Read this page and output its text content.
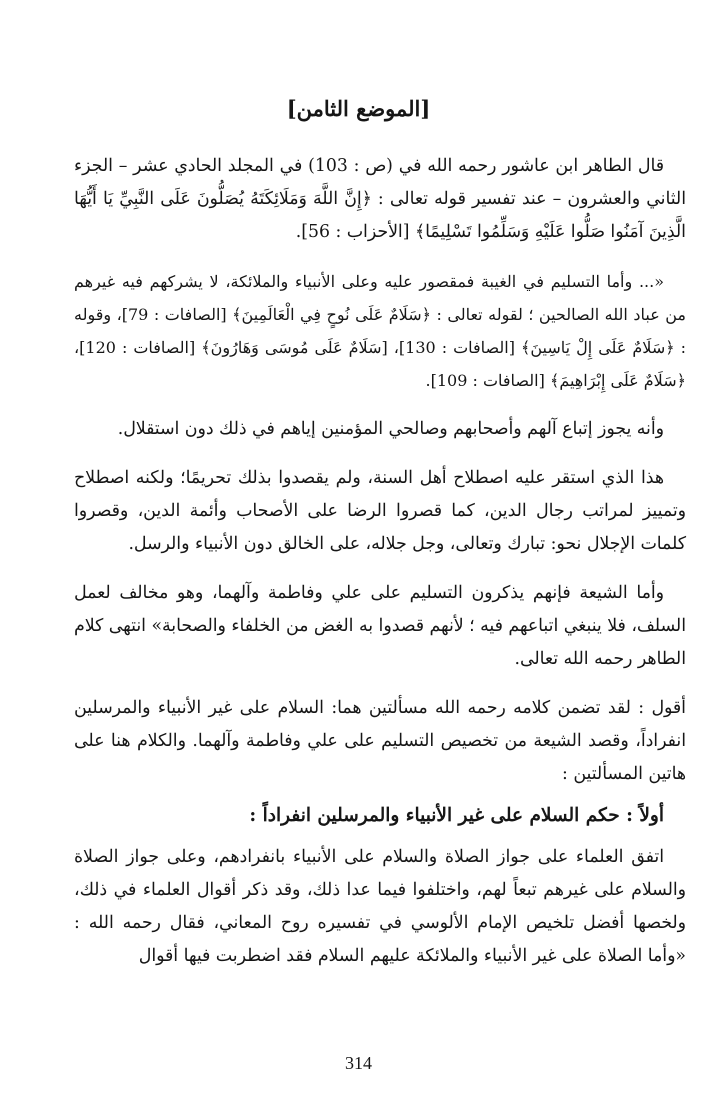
[الموضع الثامن]

قال الطاهر ابن عاشور رحمه الله في (ص : 103) في المجلد الحادي عشر – الجزء الثاني والعشرون – عند تفسير قوله تعالى : ﴿إِنَّ اللَّهَ وَمَلَائِكَتَهُ يُصَلُّونَ عَلَى النَّبِيِّ يَا أَيُّهَا الَّذِينَ آمَنُوا صَلُّوا عَلَيْهِ وَسَلِّمُوا تَسْلِيمًا﴾ [الأحزاب : 56].

«... وأما التسليم في الغيبة فمقصور عليه وعلى الأنبياء والملائكة، لا يشركهم فيه غيرهم من عباد الله الصالحين ؛ لقوله تعالى : ﴿سَلَامٌ عَلَى نُوحٍ فِي الْعَالَمِينَ﴾ [الصافات : 79]، وقوله : ﴿سَلَامٌ عَلَى إِلْ يَاسِينَ﴾ [الصافات : 130]، [سَلَامٌ عَلَى مُوسَى وَهَارُونَ﴾ [الصافات : 120]، ﴿سَلَامٌ عَلَى إِبْرَاهِيمَ﴾ [الصافات : 109].

وأنه يجوز إتباع آلهم وأصحابهم وصالحي المؤمنين إياهم في ذلك دون استقلال.

هذا الذي استقر عليه اصطلاح أهل السنة، ولم يقصدوا بذلك تحريمًا؛ ولكنه اصطلاح وتمييز لمراتب رجال الدين، كما قصروا الرضا على الأصحاب وأئمة الدين، وقصروا كلمات الإجلال نحو: تبارك وتعالى، وجل جلاله، على الخالق دون الأنبياء والرسل.

وأما الشيعة فإنهم يذكرون التسليم على علي وفاطمة وآلهما، وهو مخالف لعمل السلف، فلا ينبغي اتباعهم فيه ؛ لأنهم قصدوا به الغض من الخلفاء والصحابة» انتهى كلام الطاهر رحمه الله تعالى.

أقول : لقد تضمن كلامه رحمه الله مسألتين هما: السلام على غير الأنبياء والمرسلين انفراداً، وقصد الشيعة من تخصيص التسليم على علي وفاطمة وآلهما. والكلام هنا على هاتين المسألتين :

أولاً : حكم السلام على غير الأنبياء والمرسلين انفراداً :

اتفق العلماء على جواز الصلاة والسلام على الأنبياء بانفرادهم، وعلى جواز الصلاة والسلام على غيرهم تبعاً لهم، واختلفوا فيما عدا ذلك، وقد ذكر أقوال العلماء في ذلك، ولخصها أفضل تلخيص الإمام الألوسي في تفسيره روح المعاني، فقال رحمه الله : «وأما الصلاة على غير الأنبياء والملائكة عليهم السلام فقد اضطربت فيها أقوال

314
